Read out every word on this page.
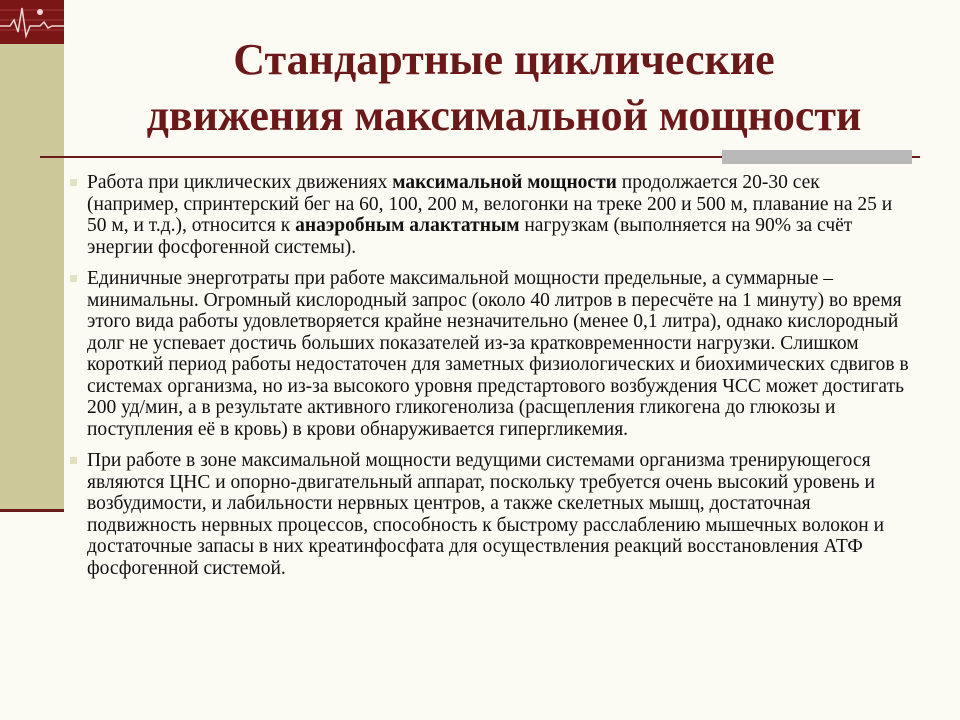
Стандартные циклические
движения максимальной мощности

Работа при циклических движениях максимальной мощности продолжается 20-30 сек (например, спринтерский бег на 60, 100, 200 м, велогонки на треке 200 и 500 м, плавание на 25 и 50 м, и т.д.), относится к анаэробным алактатным нагрузкам (выполняется на 90% за счёт энергии фосфогенной системы).

Единичные энерготраты при работе максимальной мощности предельные, а суммарные – минимальны. Огромный кислородный запрос (около 40 литров в пересчёте на 1 минуту) во время этого вида работы удовлетворяется крайне незначительно (менее 0,1 литра), однако кислородный долг не успевает достичь больших показателей из-за кратковременности нагрузки. Слишком короткий период работы недостаточен для заметных физиологических и биохимических сдвигов в системах организма, но из-за высокого уровня предстартового возбуждения ЧСС может достигать 200 уд/мин, а в результате активного гликогенолиза (расщепления гликогена до глюкозы и поступления её в кровь) в крови обнаруживается гипергликемия.

При работе в зоне максимальной мощности ведущими системами организма тренирующегося являются ЦНС и опорно-двигательный аппарат, поскольку требуется очень высокий уровень и возбудимости, и лабильности нервных центров, а также скелетных мышц, достаточная подвижность нервных процессов, способность к быстрому расслаблению мышечных волокон и достаточные запасы в них креатинфосфата для осуществления реакций восстановления АТФ фосфогенной системой.
